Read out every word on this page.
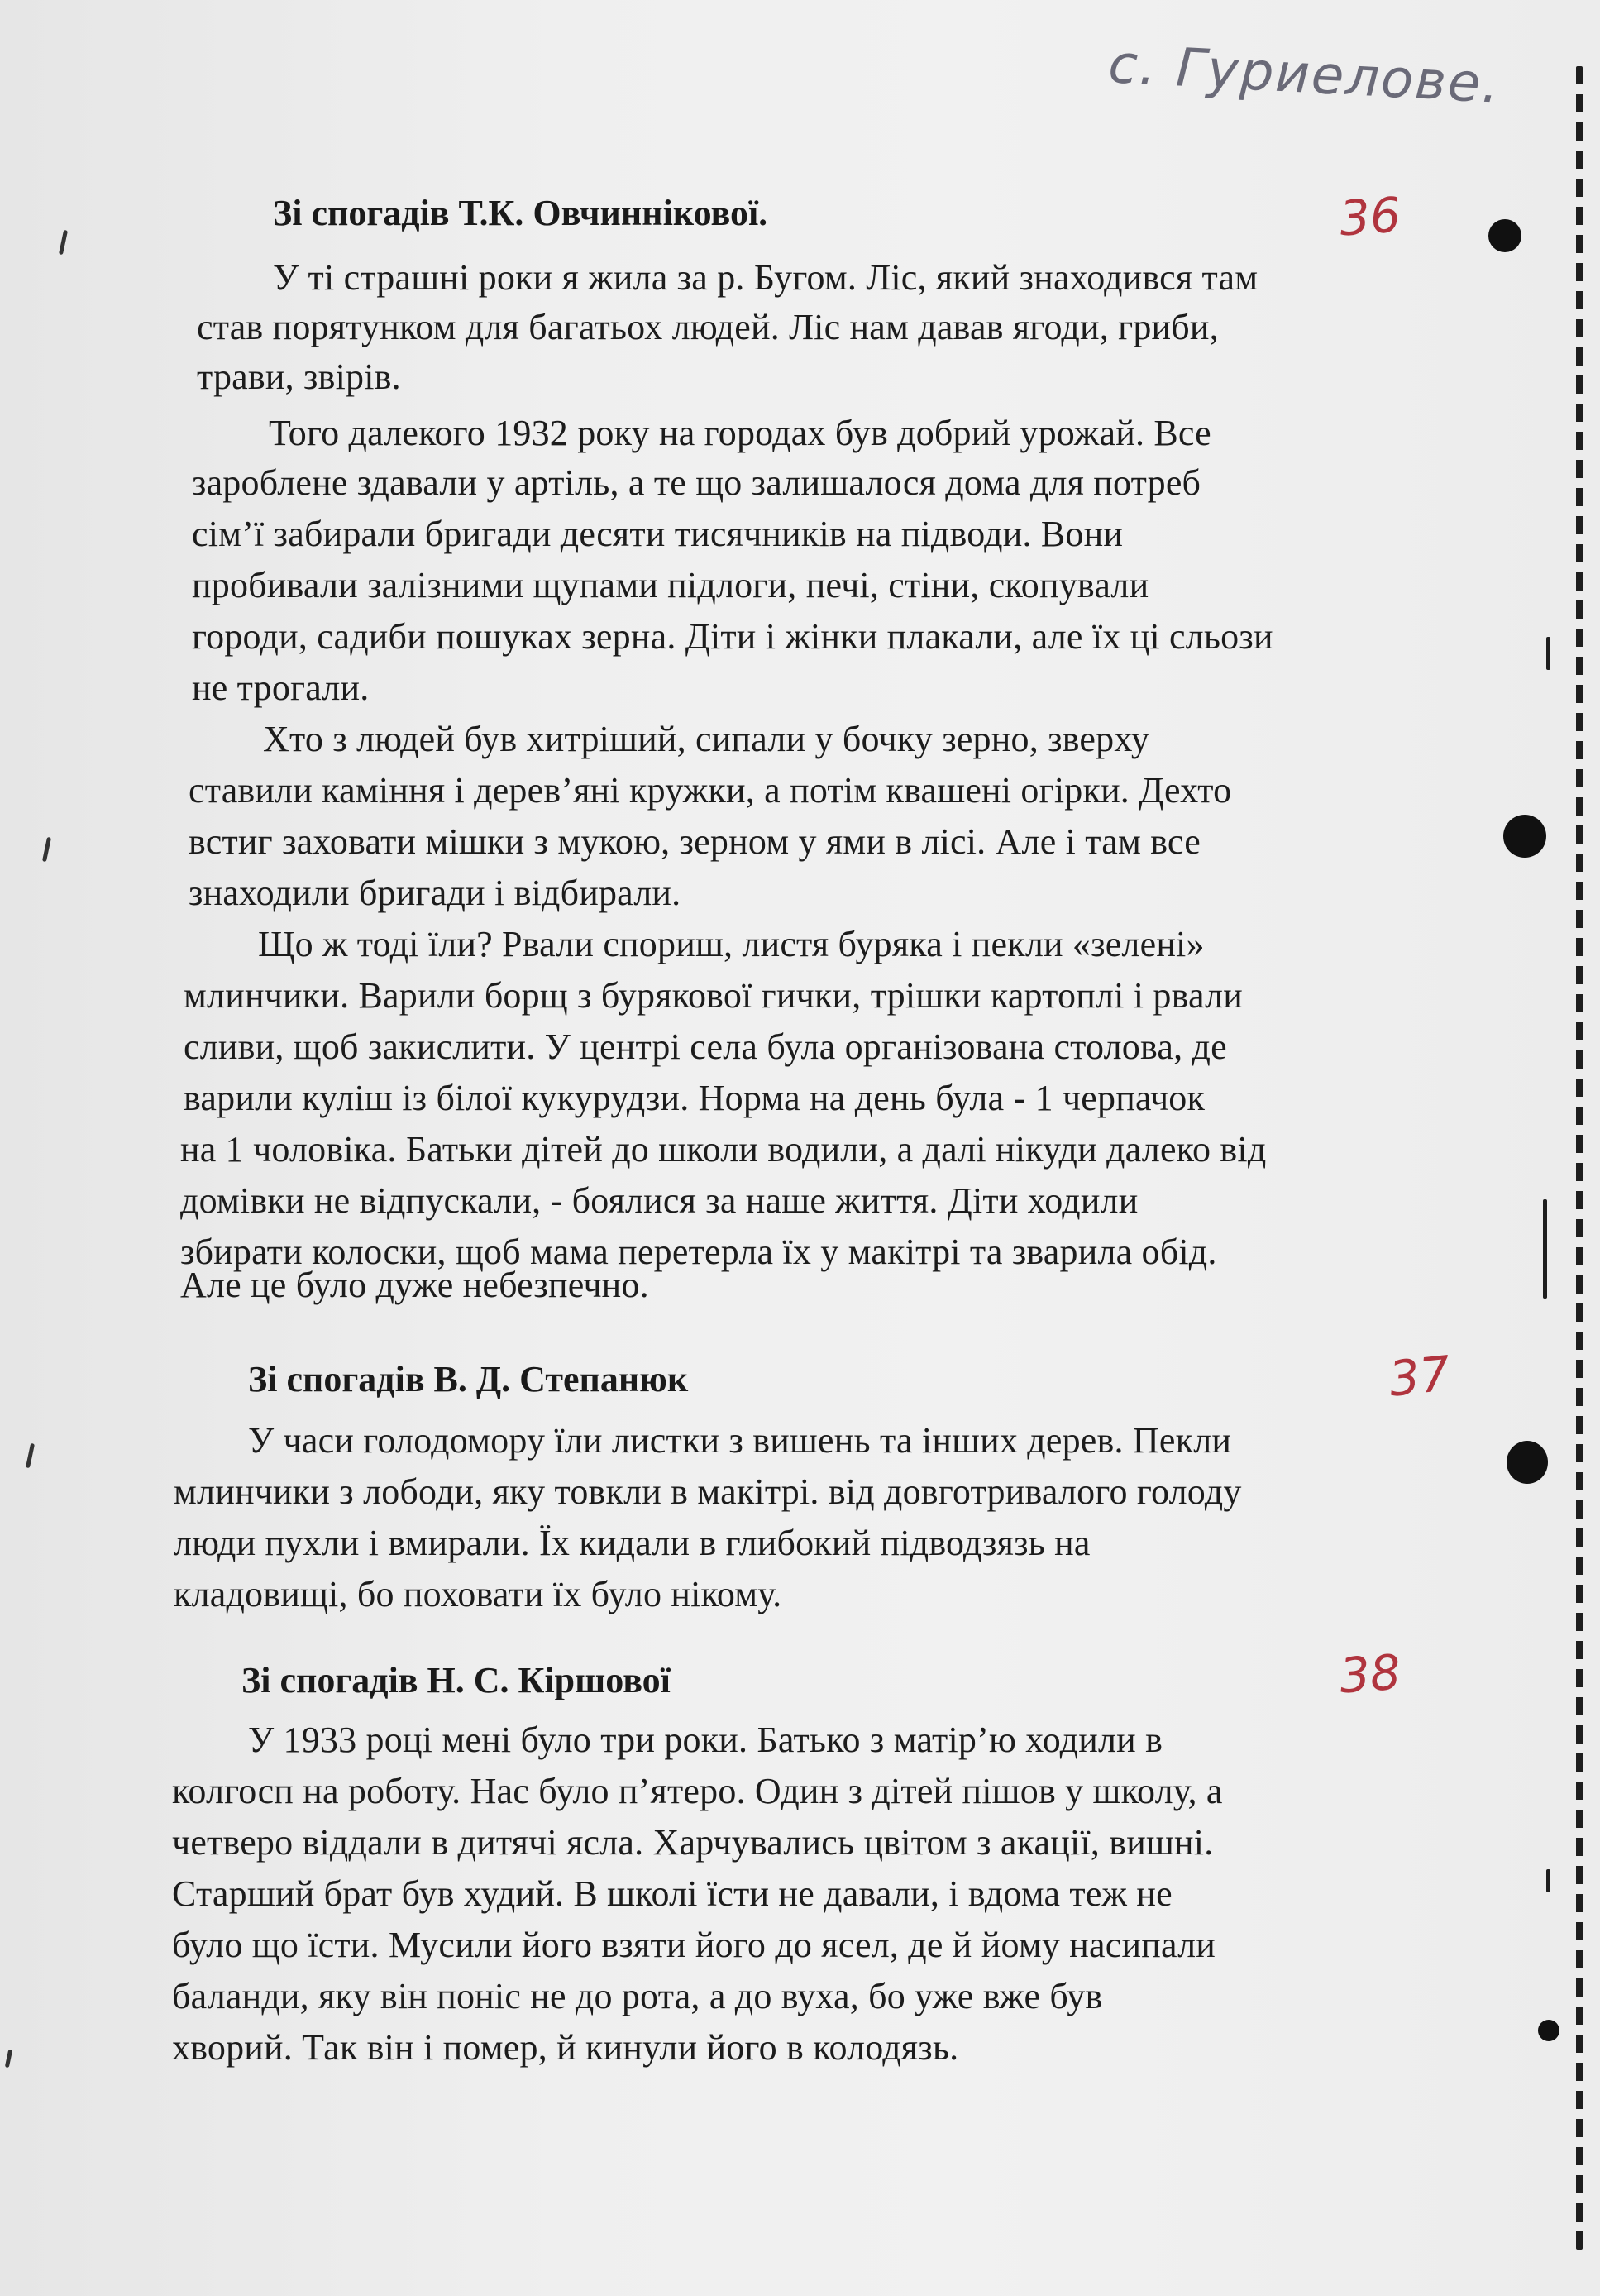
с. Гуриелове.
36
Зі спогадів Т.К. Овчиннікової.
У ті страшні роки я жила за р. Бугом. Ліс, який знаходився там
став порятунком для багатьох людей. Ліс нам давав ягоди, гриби,
трави, звірів.
Того далекого 1932 року на городах був добрий урожай. Все
зароблене здавали у артіль, а те що залишалося дома для потреб
сім’ї забирали бригади десяти тисячників на підводи. Вони
пробивали залізними щупами підлоги, печі, стіни, скопували
городи, садиби пошуках зерна. Діти і жінки плакали, але їх ці сльози
не трогали.
Хто з людей був хитріший, сипали у бочку зерно, зверху
ставили каміння і дерев’яні кружки, а потім квашені огірки. Дехто
встиг заховати мішки з мукою, зерном у ями в лісі. Але і там все
знаходили бригади і відбирали.
Що ж тоді їли? Рвали спориш, листя буряка і пекли «зелені»
млинчики. Варили борщ з бурякової гички, трішки картоплі і рвали
сливи, щоб закислити. У центрі села була організована столова, де
варили куліш із білої кукурудзи. Норма на день була - 1 черпачок
на 1 чоловіка. Батьки дітей до школи водили, а далі нікуди далеко від
домівки не відпускали, - боялися за наше життя. Діти ходили
збирати колоски, щоб мама перетерла їх у макітрі та зварила обід.
Але це було дуже небезпечно.
37
Зі спогадів В. Д. Степанюк
У часи голодомору їли листки з вишень та інших дерев. Пекли
млинчики з лободи, яку товкли в макітрі. від довготривалого голоду
люди пухли і вмирали. Їх кидали в глибокий підводзязь на
кладовищі, бо поховати їх було нікому.
38
Зі спогадів Н. С. Кіршової
У 1933 році мені було три роки. Батько з матір’ю ходили в
колгосп на роботу. Нас було п’ятеро. Один з дітей пішов у школу, а
четверо віддали в дитячі ясла. Харчувались цвітом з акації, вишні.
Старший брат був худий. В школі їсти не давали, і вдома теж не
було що їсти. Мусили його взяти його до ясел, де й йому насипали
баланди, яку він поніс не до рота, а до вуха, бо уже вже був
хворий. Так він і помер, й кинули його в колодязь.
